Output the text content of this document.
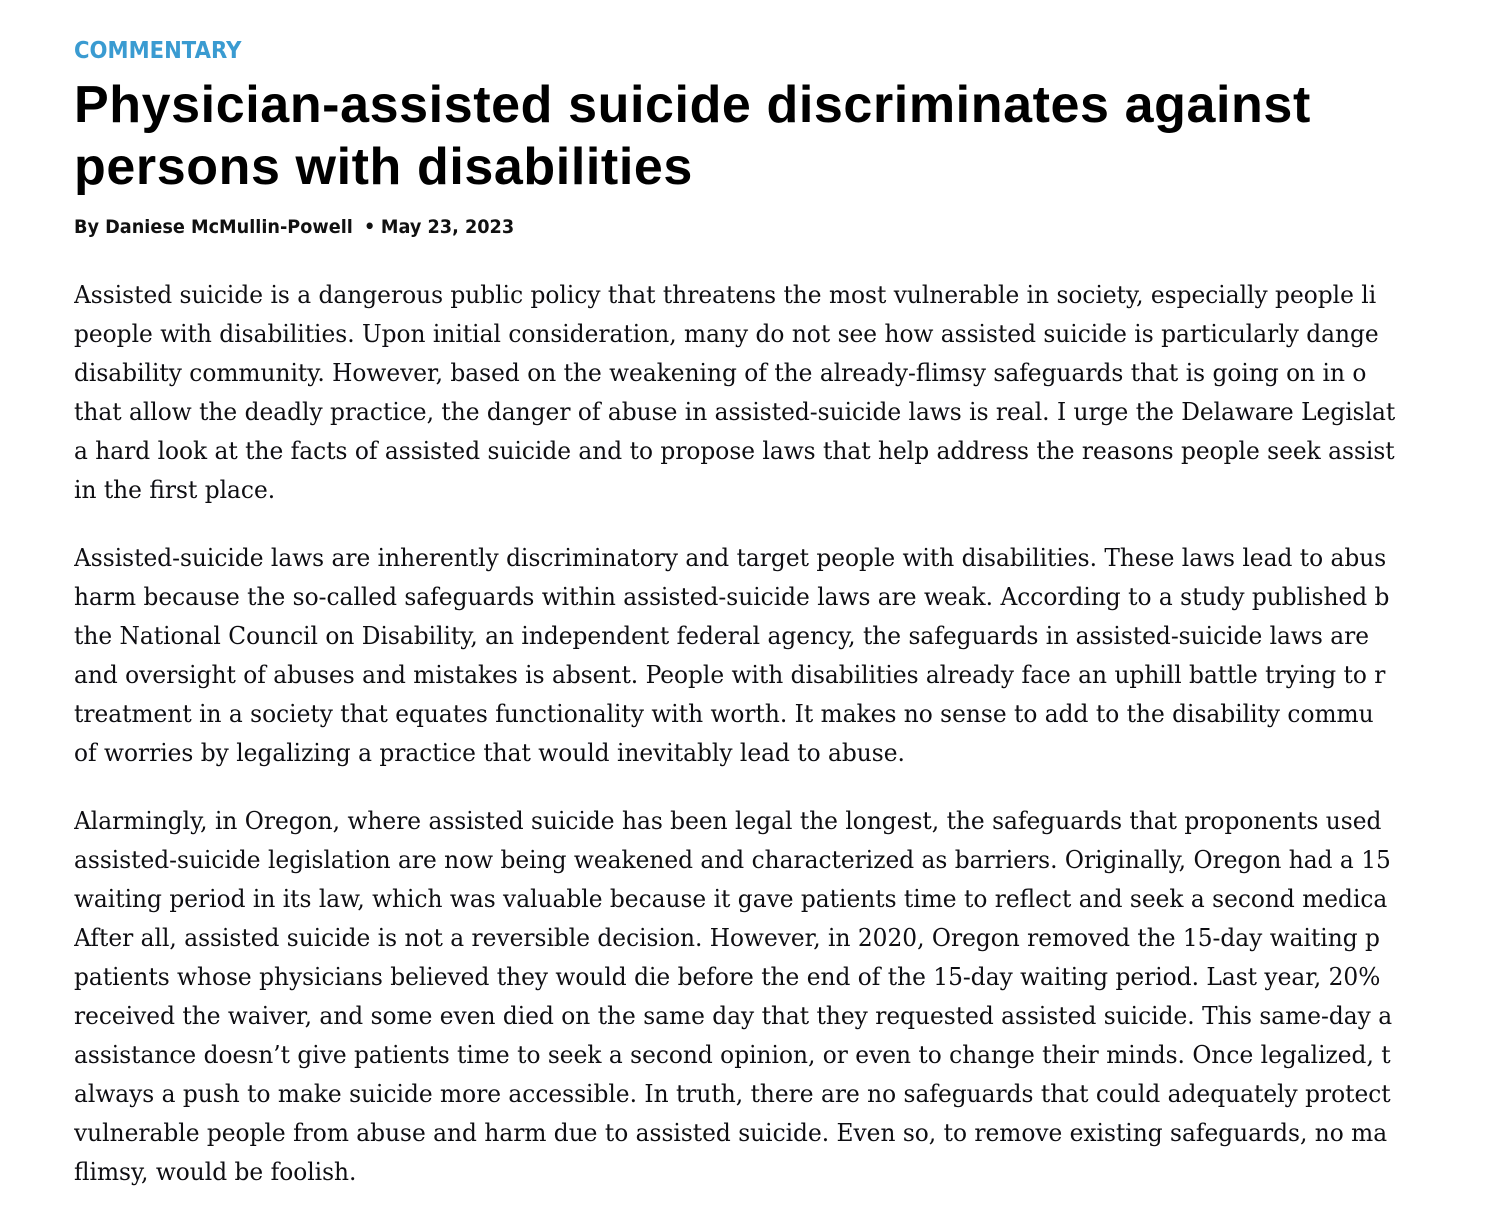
COMMENTARY
Physician-assisted suicide discriminates against
persons with disabilities
By Daniese McMullin-Powell • May 23, 2023
Assisted suicide is a dangerous public policy that threatens the most vulnerable in society, especially people li
people with disabilities. Upon initial consideration, many do not see how assisted suicide is particularly dange
disability community. However, based on the weakening of the already-flimsy safeguards that is going on in o
that allow the deadly practice, the danger of abuse in assisted-suicide laws is real. I urge the Delaware Legislat
a hard look at the facts of assisted suicide and to propose laws that help address the reasons people seek assist
in the first place.
Assisted-suicide laws are inherently discriminatory and target people with disabilities. These laws lead to abus
harm because the so-called safeguards within assisted-suicide laws are weak. According to a study published b
the National Council on Disability, an independent federal agency, the safeguards in assisted-suicide laws are
and oversight of abuses and mistakes is absent. People with disabilities already face an uphill battle trying to r
treatment in a society that equates functionality with worth. It makes no sense to add to the disability commu
of worries by legalizing a practice that would inevitably lead to abuse.
Alarmingly, in Oregon, where assisted suicide has been legal the longest, the safeguards that proponents used
assisted-suicide legislation are now being weakened and characterized as barriers. Originally, Oregon had a 15
waiting period in its law, which was valuable because it gave patients time to reflect and seek a second medica
After all, assisted suicide is not a reversible decision. However, in 2020, Oregon removed the 15-day waiting p
patients whose physicians believed they would die before the end of the 15-day waiting period. Last year, 20%
received the waiver, and some even died on the same day that they requested assisted suicide. This same-day a
assistance doesn’t give patients time to seek a second opinion, or even to change their minds. Once legalized, t
always a push to make suicide more accessible. In truth, there are no safeguards that could adequately protect
vulnerable people from abuse and harm due to assisted suicide. Even so, to remove existing safeguards, no ma
flimsy, would be foolish.
